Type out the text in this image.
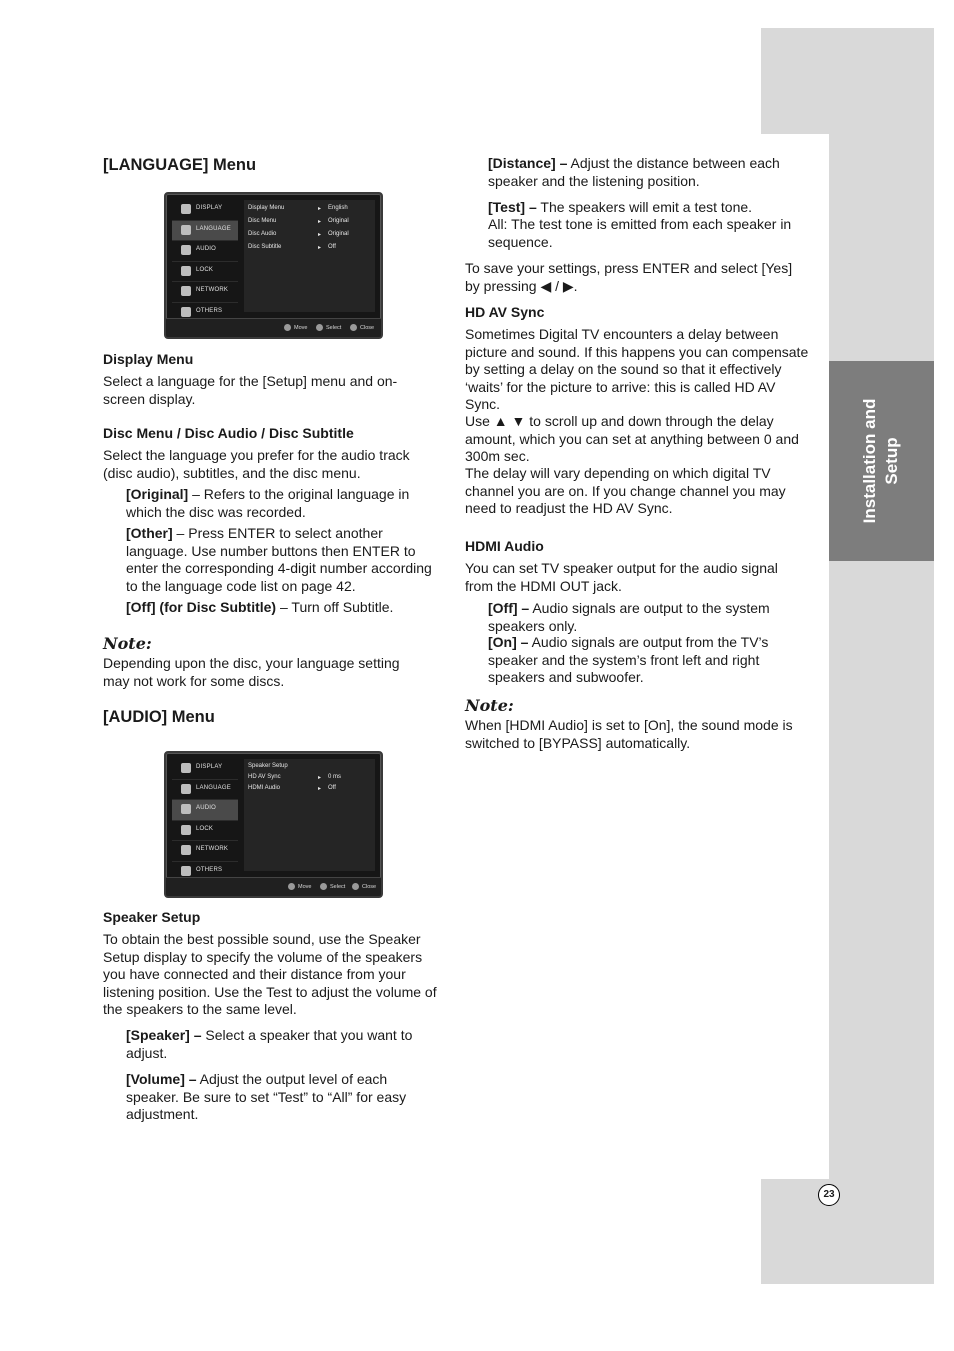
Installation and Setup
23
[LANGUAGE] Menu
DISPLAY
LANGUAGE
AUDIO
LOCK
NETWORK
OTHERS
Display Menu	▸ English
Disc Menu	▸ Original
Disc Audio	▸ Original
Disc Subtitle	▸ Off
Move	Select	Close
Display Menu
Select a language for the [Setup] menu and on-screen display.
Disc Menu / Disc Audio / Disc Subtitle
Select the language you prefer for the audio track (disc audio), subtitles, and the disc menu.
[Original] – Refers to the original language in which the disc was recorded.
[Other] – Press ENTER to select another language. Use number buttons then ENTER to enter the corresponding 4-digit number according to the language code list on page 42.
[Off] (for Disc Subtitle) – Turn off Subtitle.
Note:
Depending upon the disc, your language setting may not work for some discs.
[AUDIO] Menu
DISPLAY
LANGUAGE
AUDIO
LOCK
NETWORK
OTHERS
Speaker Setup
HD AV Sync	▸ 0 ms
HDMI Audio	▸ Off
Move	Select	Close
Speaker Setup
To obtain the best possible sound, use the Speaker Setup display to specify the volume of the speakers you have connected and their distance from your listening position. Use the Test to adjust the volume of the speakers to the same level.
[Speaker] – Select a speaker that you want to adjust.
[Volume] – Adjust the output level of each speaker. Be sure to set “Test” to “All” for easy adjustment.
[Distance] – Adjust the distance between each speaker and the listening position.
[Test] – The speakers will emit a test tone.
All: The test tone is emitted from each speaker in sequence.
To save your settings, press ENTER and select [Yes] by pressing ◀ / ▶.
HD AV Sync
Sometimes Digital TV encounters a delay between picture and sound. If this happens you can compensate by setting a delay on the sound so that it effectively ‘waits’ for the picture to arrive: this is called HD AV Sync.
Use ▲ ▼ to scroll up and down through the delay amount, which you can set at anything between 0 and 300m sec.
The delay will vary depending on which digital TV channel you are on. If you change channel you may need to readjust the HD AV Sync.
HDMI Audio
You can set TV speaker output for the audio signal from the HDMI OUT jack.
[Off] – Audio signals are output to the system speakers only.
[On] – Audio signals are output from the TV’s speaker and the system’s front left and right speakers and subwoofer.
Note:
When [HDMI Audio] is set to [On], the sound mode is switched to [BYPASS] automatically.
